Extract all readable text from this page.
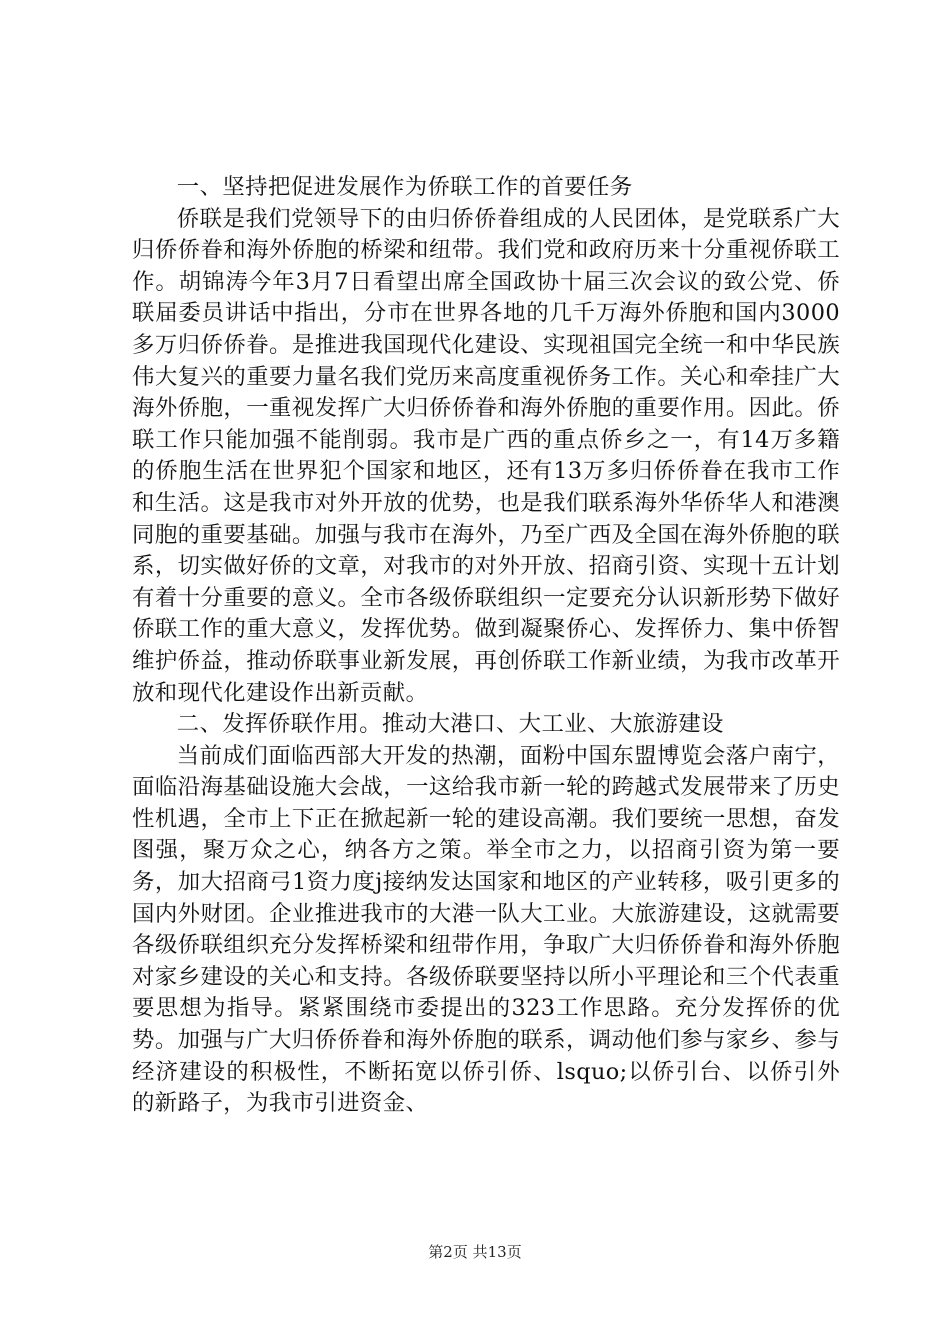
一、坚持把促进发展作为侨联工作的首要任务

侨联是我们党领导下的由归侨侨眷组成的人民团体，是党联系广大归侨侨眷和海外侨胞的桥梁和纽带。我们党和政府历来十分重视侨联工作。胡锦涛今年3月7日看望出席全国政协十届三次会议的致公党、侨联届委员讲话中指出，分市在世界各地的几千万海外侨胞和国内3000多万归侨侨眷。是推进我国现代化建设、实现祖国完全统一和中华民族伟大复兴的重要力量名我们党历来高度重视侨务工作。关心和牵挂广大海外侨胞，一重视发挥广大归侨侨眷和海外侨胞的重要作用。因此。侨联工作只能加强不能削弱。我市是广西的重点侨乡之一，有14万多籍的侨胞生活在世界犯个国家和地区，还有13万多归侨侨眷在我市工作和生活。这是我市对外开放的优势，也是我们联系海外华侨华人和港澳同胞的重要基础。加强与我市在海外，乃至广西及全国在海外侨胞的联系，切实做好侨的文章，对我市的对外开放、招商引资、实现十五计划有着十分重要的意义。全市各级侨联组织一定要充分认识新形势下做好侨联工作的重大意义，发挥优势。做到凝聚侨心、发挥侨力、集中侨智维护侨益，推动侨联事业新发展，再创侨联工作新业绩，为我市改革开放和现代化建设作出新贡献。

二、发挥侨联作用。推动大港口、大工业、大旅游建设

当前成们面临西部大开发的热潮，面粉中国东盟博览会落户南宁，面临沿海基础设施大会战，一这给我市新一轮的跨越式发展带来了历史性机遇，全市上下正在掀起新一轮的建设高潮。我们要统一思想，奋发图强，聚万众之心，纳各方之策。举全市之力，以招商引资为第一要务，加大招商弓1资力度j接纳发达国家和地区的产业转移，吸引更多的国内外财团。企业推进我市的大港一队大工业。大旅游建设，这就需要各级侨联组织充分发挥桥梁和纽带作用，争取广大归侨侨眷和海外侨胞对家乡建设的关心和支持。各级侨联要坚持以所小平理论和三个代表重要思想为指导。紧紧围绕市委提出的323工作思路。充分发挥侨的优势。加强与广大归侨侨眷和海外侨胞的联系，调动他们参与家乡、参与经济建设的积极性，不断拓宽以侨引侨、lsquo;以侨引台、以侨引外的新路子，为我市引进资金、

第2页 共13页
